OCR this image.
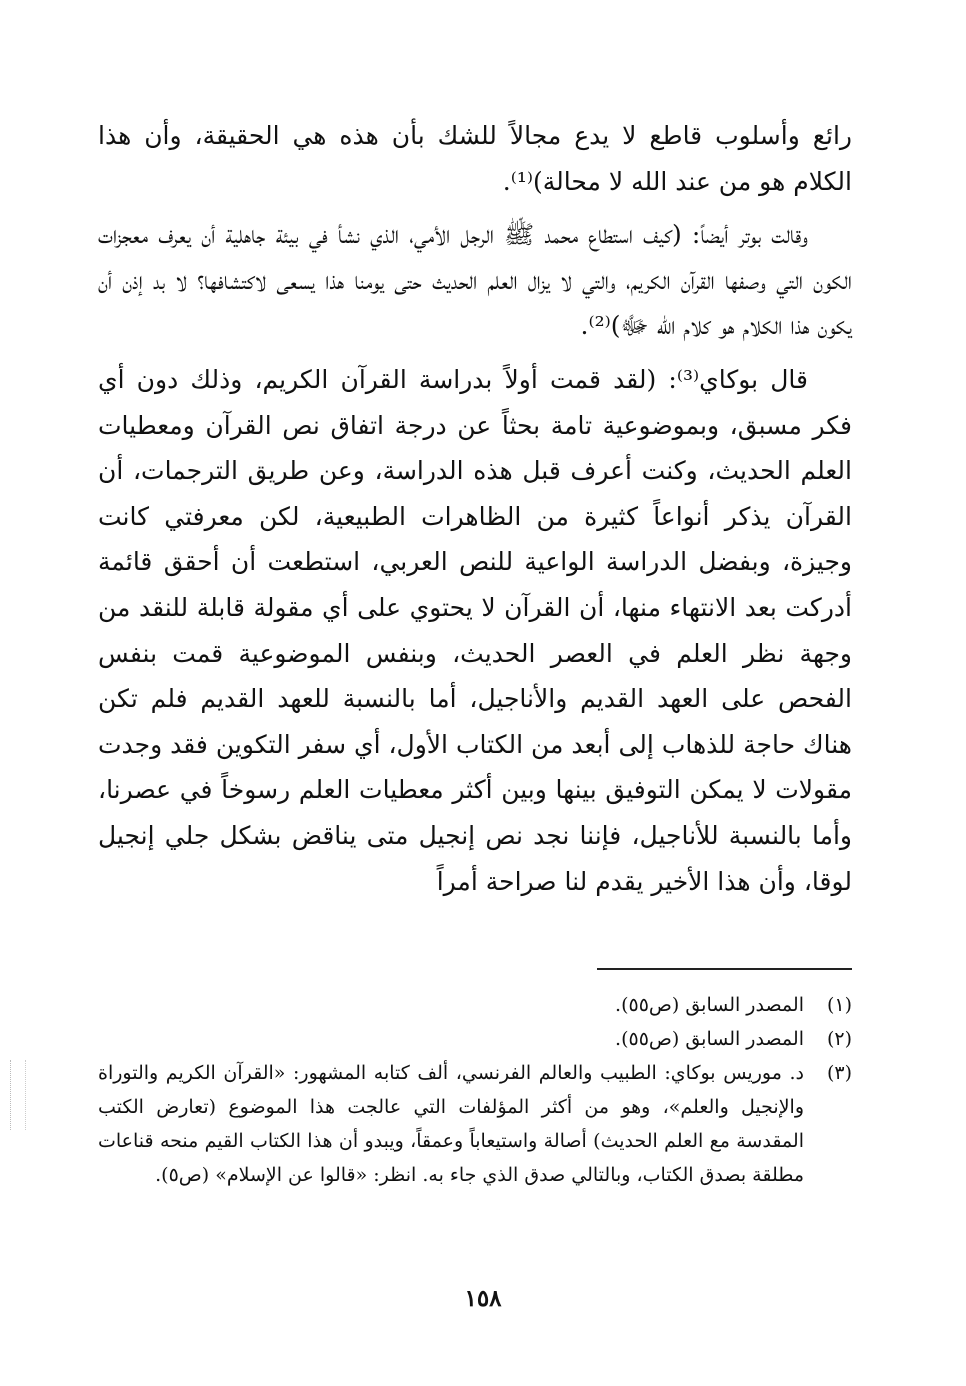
رائع وأسلوب قاطع لا يدع مجالاً للشك بأن هذه هي الحقيقة، وأن هذا الكلام هو من عند الله لا محالة)⁽¹⁾.

وقالت بوتر أيضاً: (كيف استطاع محمد ﷺ الرجل الأمي، الذي نشأ في بيئة جاهلية أن يعرف معجزات الكون التي وصفها القرآن الكريم، والتي لا يزال العلم الحديث حتى يومنا هذا يسعى لاكتشافها؟ لا بد إذن أن يكون هذا الكلام هو كلام الله ﷻ)⁽²⁾.

قال بوكاي⁽³⁾: (لقد قمت أولاً بدراسة القرآن الكريم، وذلك دون أي فكر مسبق، وبموضوعية تامة بحثاً عن درجة اتفاق نص القرآن ومعطيات العلم الحديث، وكنت أعرف قبل هذه الدراسة، وعن طريق الترجمات، أن القرآن يذكر أنواعاً كثيرة من الظاهرات الطبيعية، لكن معرفتي كانت وجيزة، وبفضل الدراسة الواعية للنص العربي، استطعت أن أحقق قائمة أدركت بعد الانتهاء منها، أن القرآن لا يحتوي على أي مقولة قابلة للنقد من وجهة نظر العلم في العصر الحديث، وبنفس الموضوعية قمت بنفس الفحص على العهد القديم والأناجيل، أما بالنسبة للعهد القديم فلم تكن هناك حاجة للذهاب إلى أبعد من الكتاب الأول، أي سفر التكوين فقد وجدت مقولات لا يمكن التوفيق بينها وبين أكثر معطيات العلم رسوخاً في عصرنا، وأما بالنسبة للأناجيل، فإننا نجد نص إنجيل متى يناقض بشكل جلي إنجيل لوقا، وأن هذا الأخير يقدم لنا صراحة أمراً

(١)
المصدر السابق (ص٥٥).
(٢)
المصدر السابق (ص٥٥).
(٣)
د. موريس بوكاي: الطبيب والعالم الفرنسي، ألف كتابه المشهور: «القرآن الكريم والتوراة والإنجيل والعلم»، وهو من أكثر المؤلفات التي عالجت هذا الموضوع (تعارض الكتب المقدسة مع العلم الحديث) أصالة واستيعاباً وعمقاً، ويبدو أن هذا الكتاب القيم منحه قناعات مطلقة بصدق الكتاب، وبالتالي صدق الذي جاء به. انظر: «قالوا عن الإسلام» (ص٥).
١٥٨
